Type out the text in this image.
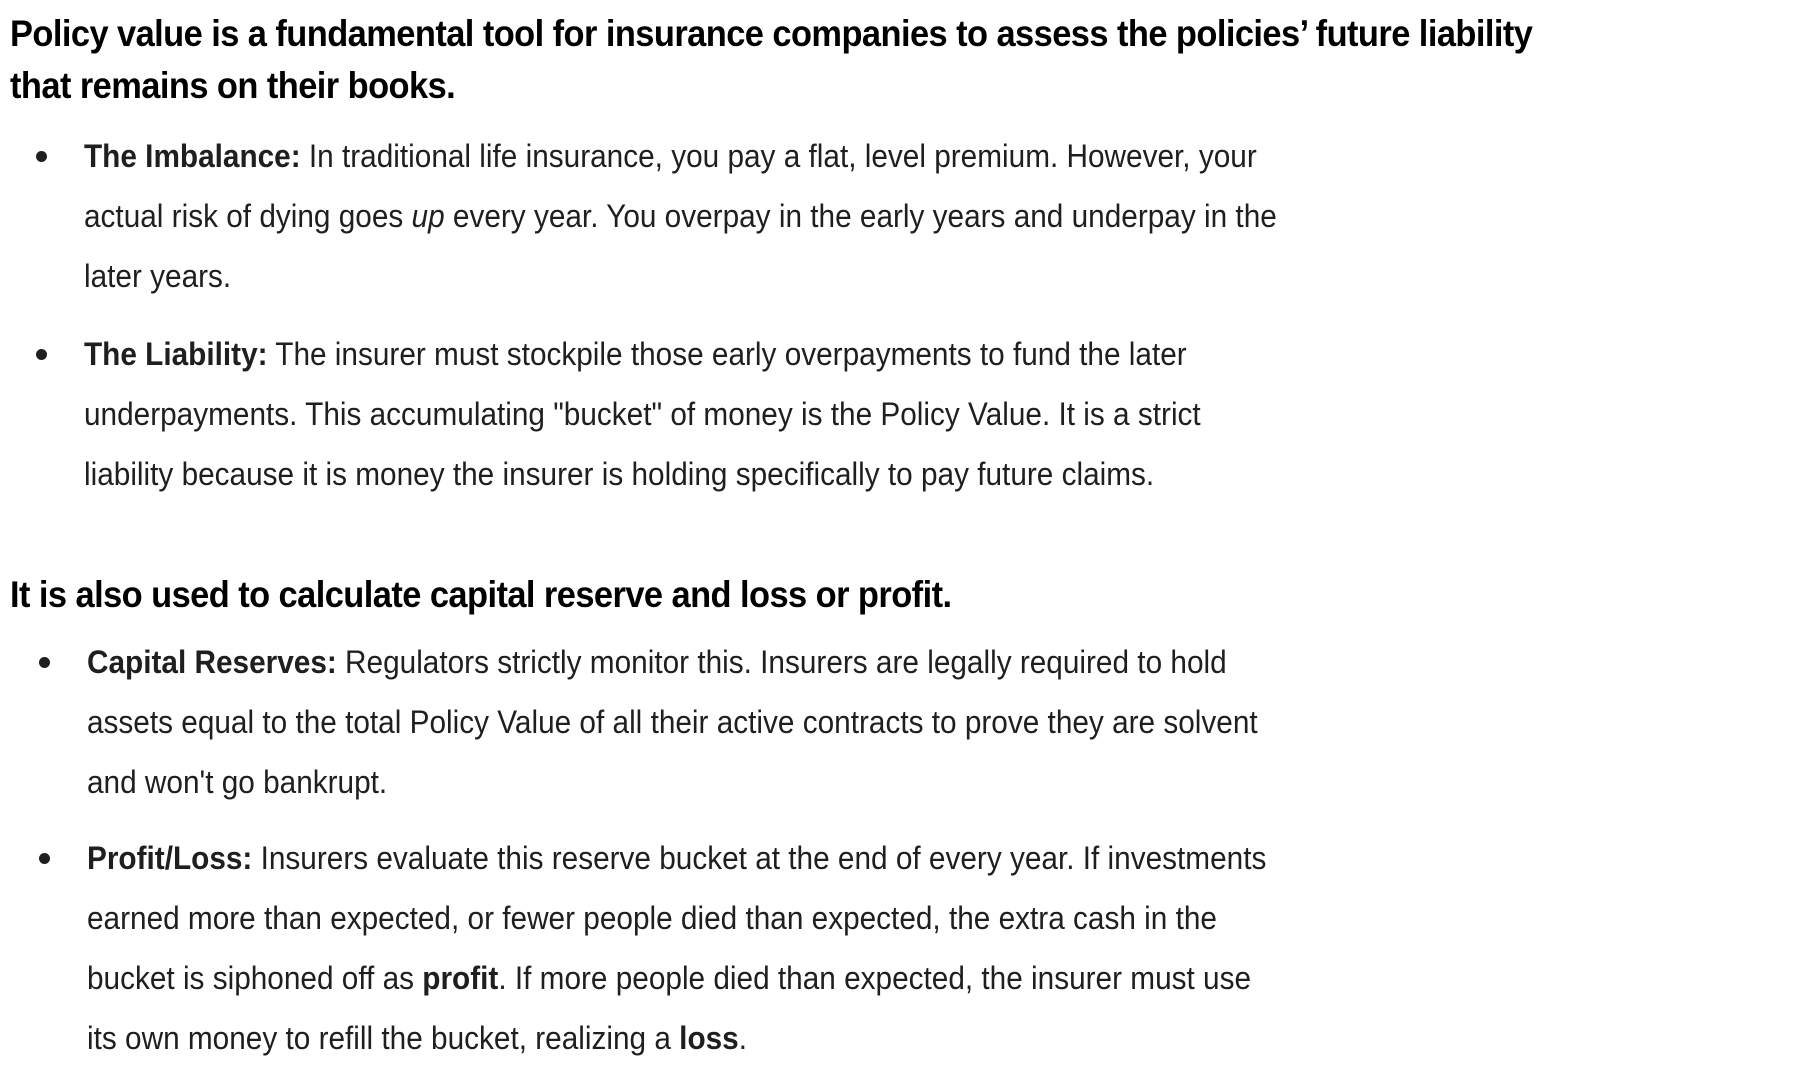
Policy value is a fundamental tool for insurance companies to assess the policies’ future liability
that remains on their books.
The Imbalance: In traditional life insurance, you pay a flat, level premium. However, your
actual risk of dying goes up every year. You overpay in the early years and underpay in the
later years.
The Liability: The insurer must stockpile those early overpayments to fund the later
underpayments. This accumulating "bucket" of money is the Policy Value. It is a strict
liability because it is money the insurer is holding specifically to pay future claims.
It is also used to calculate capital reserve and loss or profit.
Capital Reserves: Regulators strictly monitor this. Insurers are legally required to hold
assets equal to the total Policy Value of all their active contracts to prove they are solvent
and won't go bankrupt.
Profit/Loss: Insurers evaluate this reserve bucket at the end of every year. If investments
earned more than expected, or fewer people died than expected, the extra cash in the
bucket is siphoned off as profit. If more people died than expected, the insurer must use
its own money to refill the bucket, realizing a loss.
